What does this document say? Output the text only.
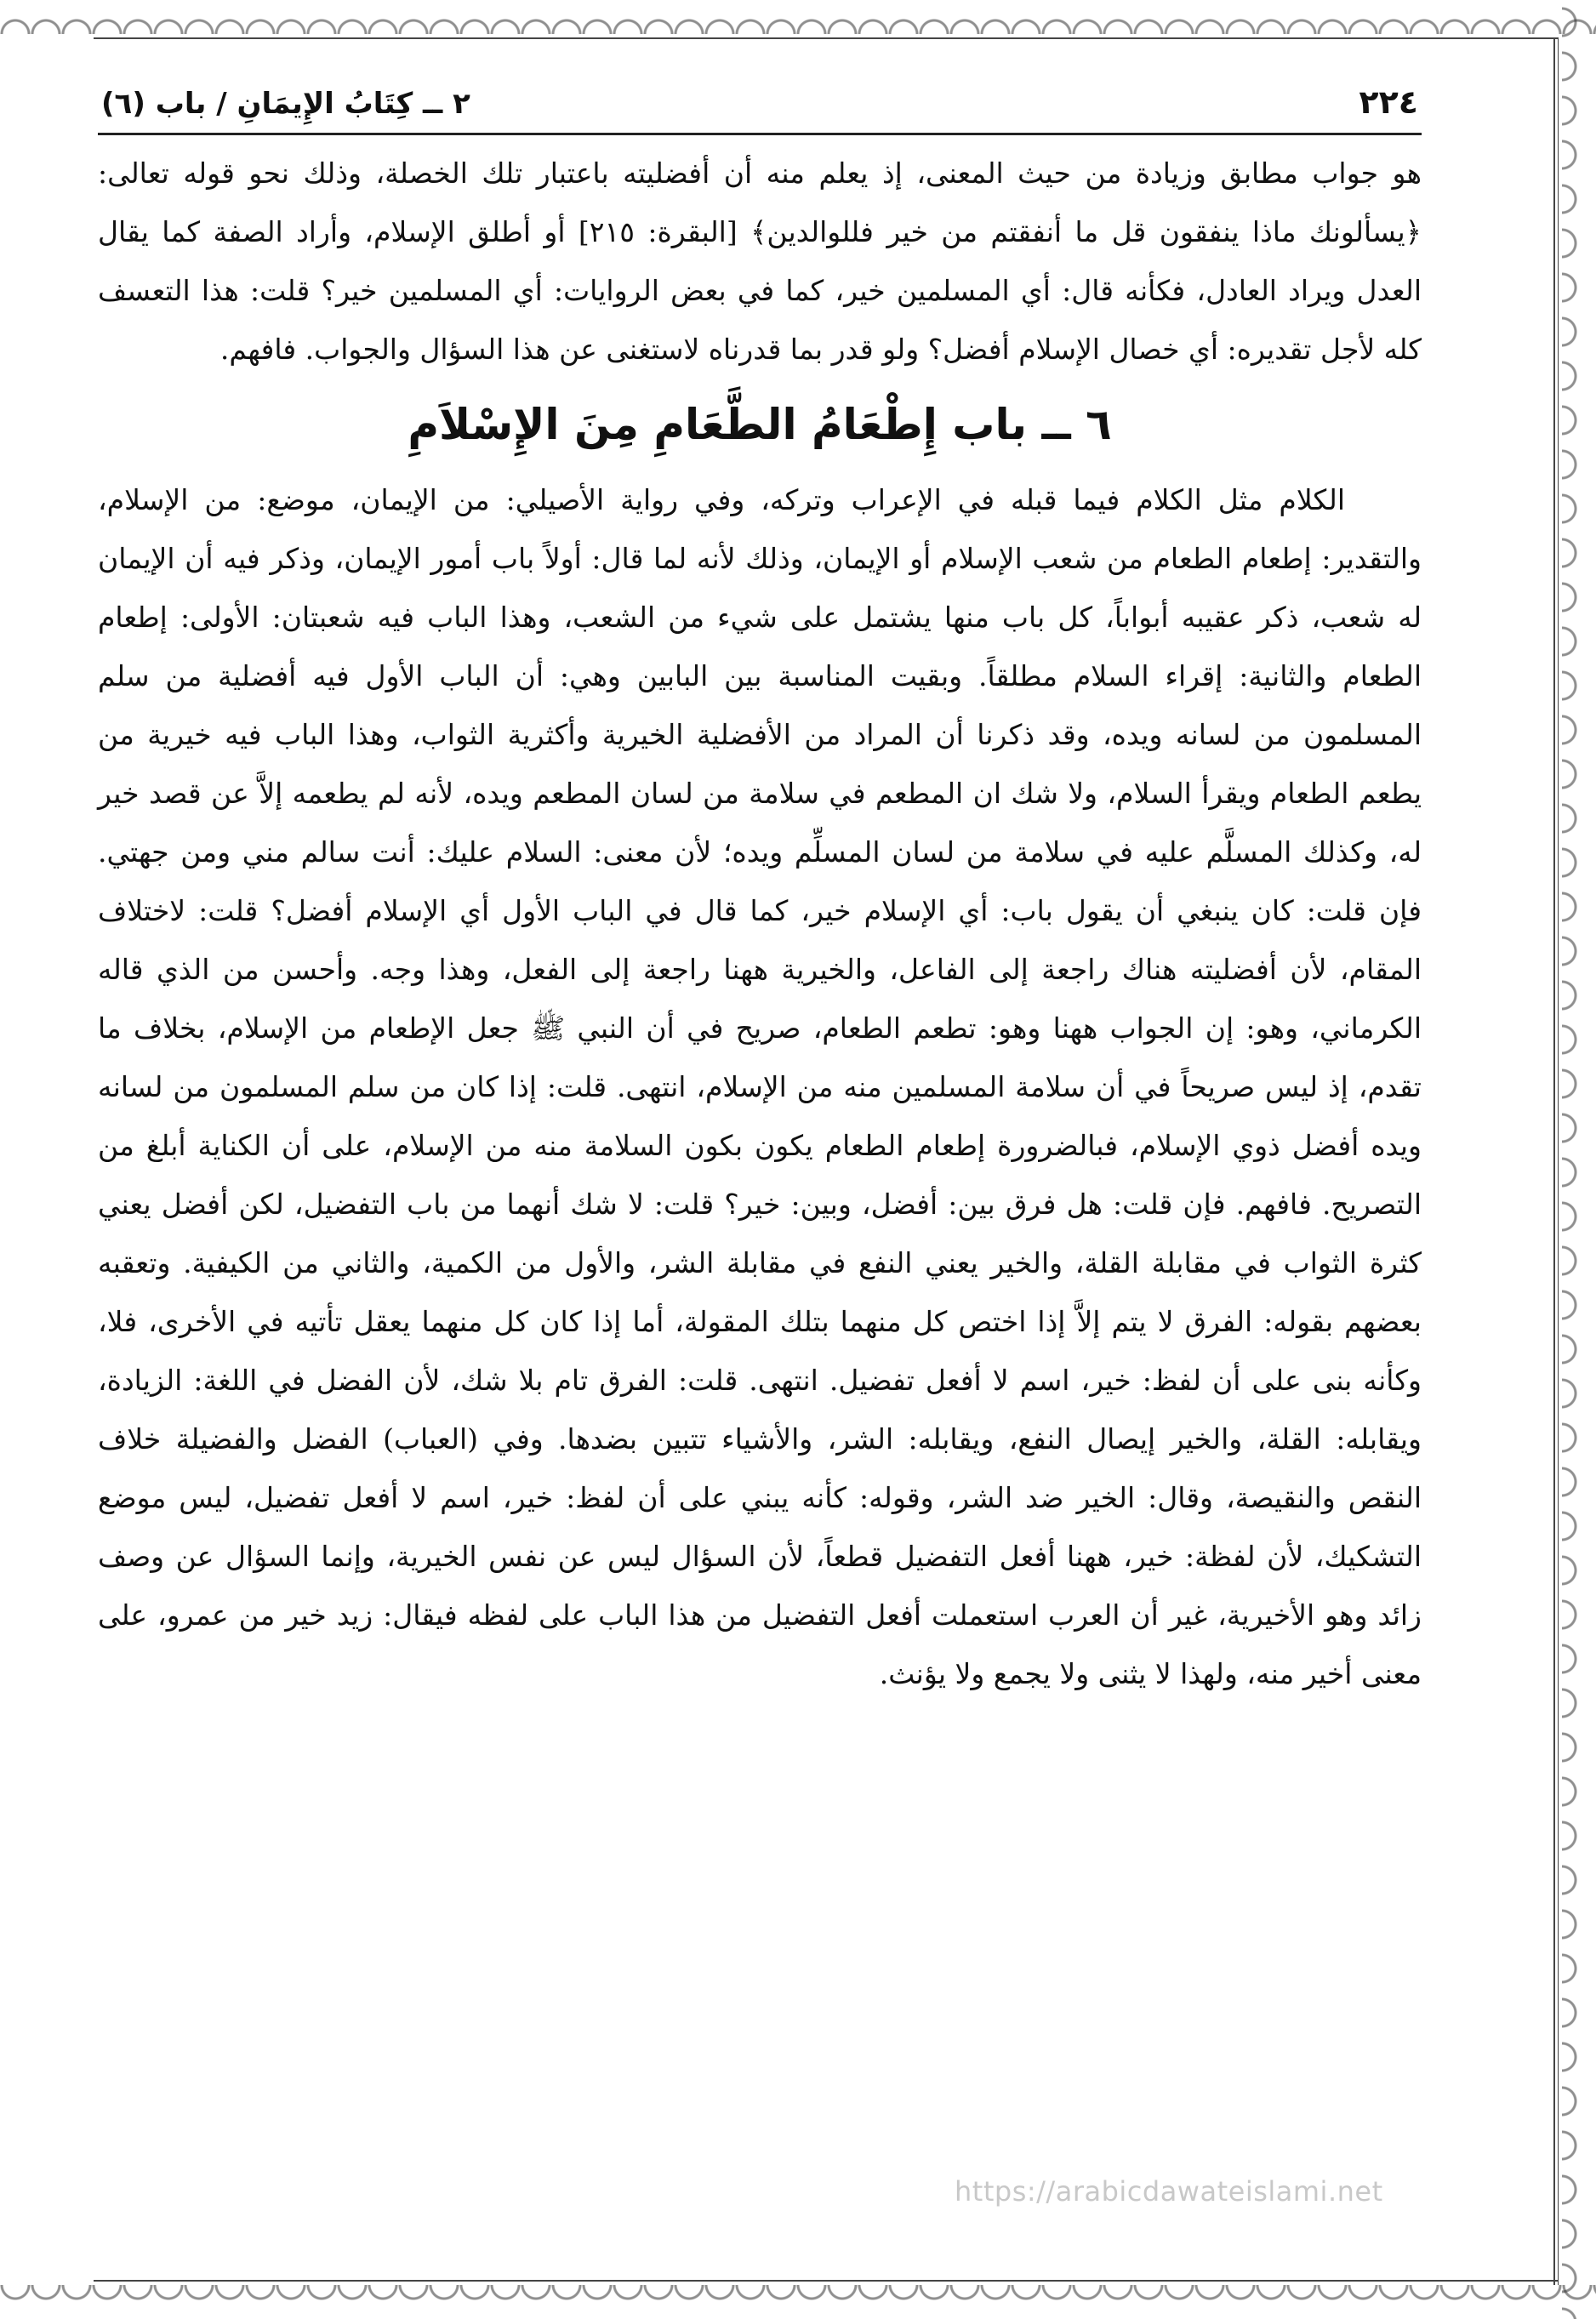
٢٢٤
٢ ــ كِتَابُ الإِيمَانِ / باب (٦)

هو جواب مطابق وزيادة من حيث المعنى، إذ يعلم منه أن أفضليته باعتبار تلك الخصلة، وذلك نحو قوله تعالى: ﴿يسألونك ماذا ينفقون قل ما أنفقتم من خير فللوالدين﴾ [البقرة: ٢١٥] أو أطلق الإسلام، وأراد الصفة كما يقال العدل ويراد العادل، فكأنه قال: أي المسلمين خير، كما في بعض الروايات: أي المسلمين خير؟ قلت: هذا التعسف كله لأجل تقديره: أي خصال الإسلام أفضل؟ ولو قدر بما قدرناه لاستغنى عن هذا السؤال والجواب. فافهم.

٦ ــ باب إِطْعَامُ الطَّعَامِ مِنَ الإِسْلاَمِ

الكلام مثل الكلام فيما قبله في الإعراب وتركه، وفي رواية الأصيلي: من الإيمان، موضع: من الإسلام، والتقدير: إطعام الطعام من شعب الإسلام أو الإيمان، وذلك لأنه لما قال: أولاً باب أمور الإيمان، وذكر فيه أن الإيمان له شعب، ذكر عقيبه أبواباً، كل باب منها يشتمل على شيء من الشعب، وهذا الباب فيه شعبتان: الأولى: إطعام الطعام والثانية: إقراء السلام مطلقاً. وبقيت المناسبة بين البابين وهي: أن الباب الأول فيه أفضلية من سلم المسلمون من لسانه ويده، وقد ذكرنا أن المراد من الأفضلية الخيرية وأكثرية الثواب، وهذا الباب فيه خيرية من يطعم الطعام ويقرأ السلام، ولا شك ان المطعم في سلامة من لسان المطعم ويده، لأنه لم يطعمه إلاَّ عن قصد خير له، وكذلك المسلَّم عليه في سلامة من لسان المسلِّم ويده؛ لأن معنى: السلام عليك: أنت سالم مني ومن جهتي. فإن قلت: كان ينبغي أن يقول باب: أي الإسلام خير، كما قال في الباب الأول أي الإسلام أفضل؟ قلت: لاختلاف المقام، لأن أفضليته هناك راجعة إلى الفاعل، والخيرية ههنا راجعة إلى الفعل، وهذا وجه. وأحسن من الذي قاله الكرماني، وهو: إن الجواب ههنا وهو: تطعم الطعام، صريح في أن النبي ﷺ جعل الإطعام من الإسلام، بخلاف ما تقدم، إذ ليس صريحاً في أن سلامة المسلمين منه من الإسلام، انتهى. قلت: إذا كان من سلم المسلمون من لسانه ويده أفضل ذوي الإسلام، فبالضرورة إطعام الطعام يكون بكون السلامة منه من الإسلام، على أن الكناية أبلغ من التصريح. فافهم. فإن قلت: هل فرق بين: أفضل، وبين: خير؟ قلت: لا شك أنهما من باب التفضيل، لكن أفضل يعني كثرة الثواب في مقابلة القلة، والخير يعني النفع في مقابلة الشر، والأول من الكمية، والثاني من الكيفية. وتعقبه بعضهم بقوله: الفرق لا يتم إلاَّ إذا اختص كل منهما بتلك المقولة، أما إذا كان كل منهما يعقل تأتيه في الأخرى، فلا، وكأنه بنى على أن لفظ: خير، اسم لا أفعل تفضيل. انتهى. قلت: الفرق تام بلا شك، لأن الفضل في اللغة: الزيادة، ويقابله: القلة، والخير إيصال النفع، ويقابله: الشر، والأشياء تتبين بضدها. وفي (العباب) الفضل والفضيلة خلاف النقص والنقيصة، وقال: الخير ضد الشر، وقوله: كأنه يبني على أن لفظ: خير، اسم لا أفعل تفضيل، ليس موضع التشكيك، لأن لفظة: خير، ههنا أفعل التفضيل قطعاً، لأن السؤال ليس عن نفس الخيرية، وإنما السؤال عن وصف زائد وهو الأخيرية، غير أن العرب استعملت أفعل التفضيل من هذا الباب على لفظه فيقال: زيد خير من عمرو، على معنى أخير منه، ولهذا لا يثنى ولا يجمع ولا يؤنث.

https://arabicdawateislami.net
